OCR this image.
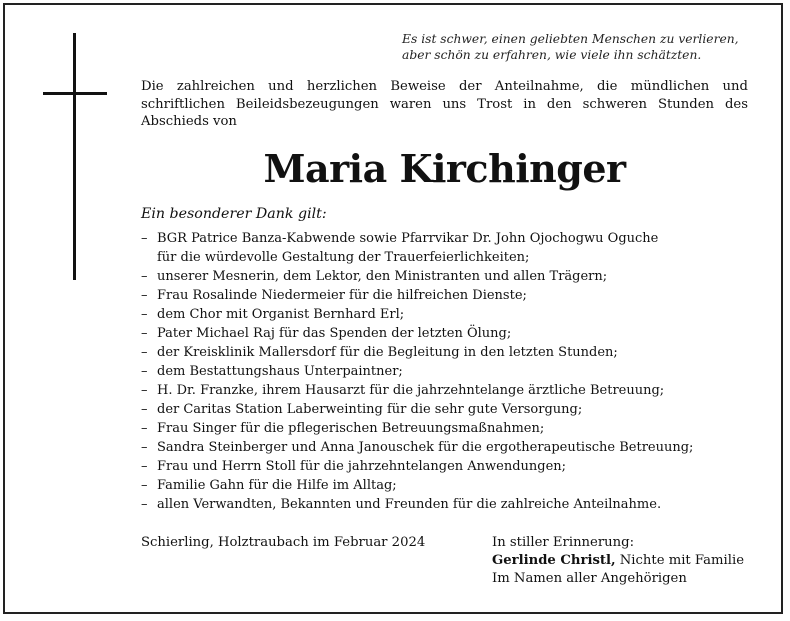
Es ist schwer, einen geliebten Menschen zu verlieren,
aber schön zu erfahren, wie viele ihn schätzten.
Die zahlreichen und herzlichen Beweise der Anteilnahme, die mündlichen und schriftlichen Beileidsbezeugungen waren uns Trost in den schweren Stunden des Abschieds von
Maria Kirchinger
Ein besonderer Dank gilt:
– BGR Patrice Banza-Kabwende sowie Pfarrvikar Dr. John Ojochogwu Oguche
für die würdevolle Gestaltung der Trauerfeierlichkeiten;
– unserer Mesnerin, dem Lektor, den Ministranten und allen Trägern;
– Frau Rosalinde Niedermeier für die hilfreichen Dienste;
– dem Chor mit Organist Bernhard Erl;
– Pater Michael Raj für das Spenden der letzten Ölung;
– der Kreisklinik Mallersdorf für die Begleitung in den letzten Stunden;
– dem Bestattungshaus Unterpaintner;
– H. Dr. Franzke, ihrem Hausarzt für die jahrzehntelange ärztliche Betreuung;
– der Caritas Station Laberweinting für die sehr gute Versorgung;
– Frau Singer für die pflegerischen Betreuungsmaßnahmen;
– Sandra Steinberger und Anna Janouschek für die ergotherapeutische Betreuung;
– Frau und Herrn Stoll für die jahrzehntelangen Anwendungen;
– Familie Gahn für die Hilfe im Alltag;
– allen Verwandten, Bekannten und Freunden für die zahlreiche Anteilnahme.
Schierling, Holztraubach im Februar 2024	In stiller Erinnerung:
Gerlinde Christl, Nichte mit Familie
Im Namen aller Angehörigen
